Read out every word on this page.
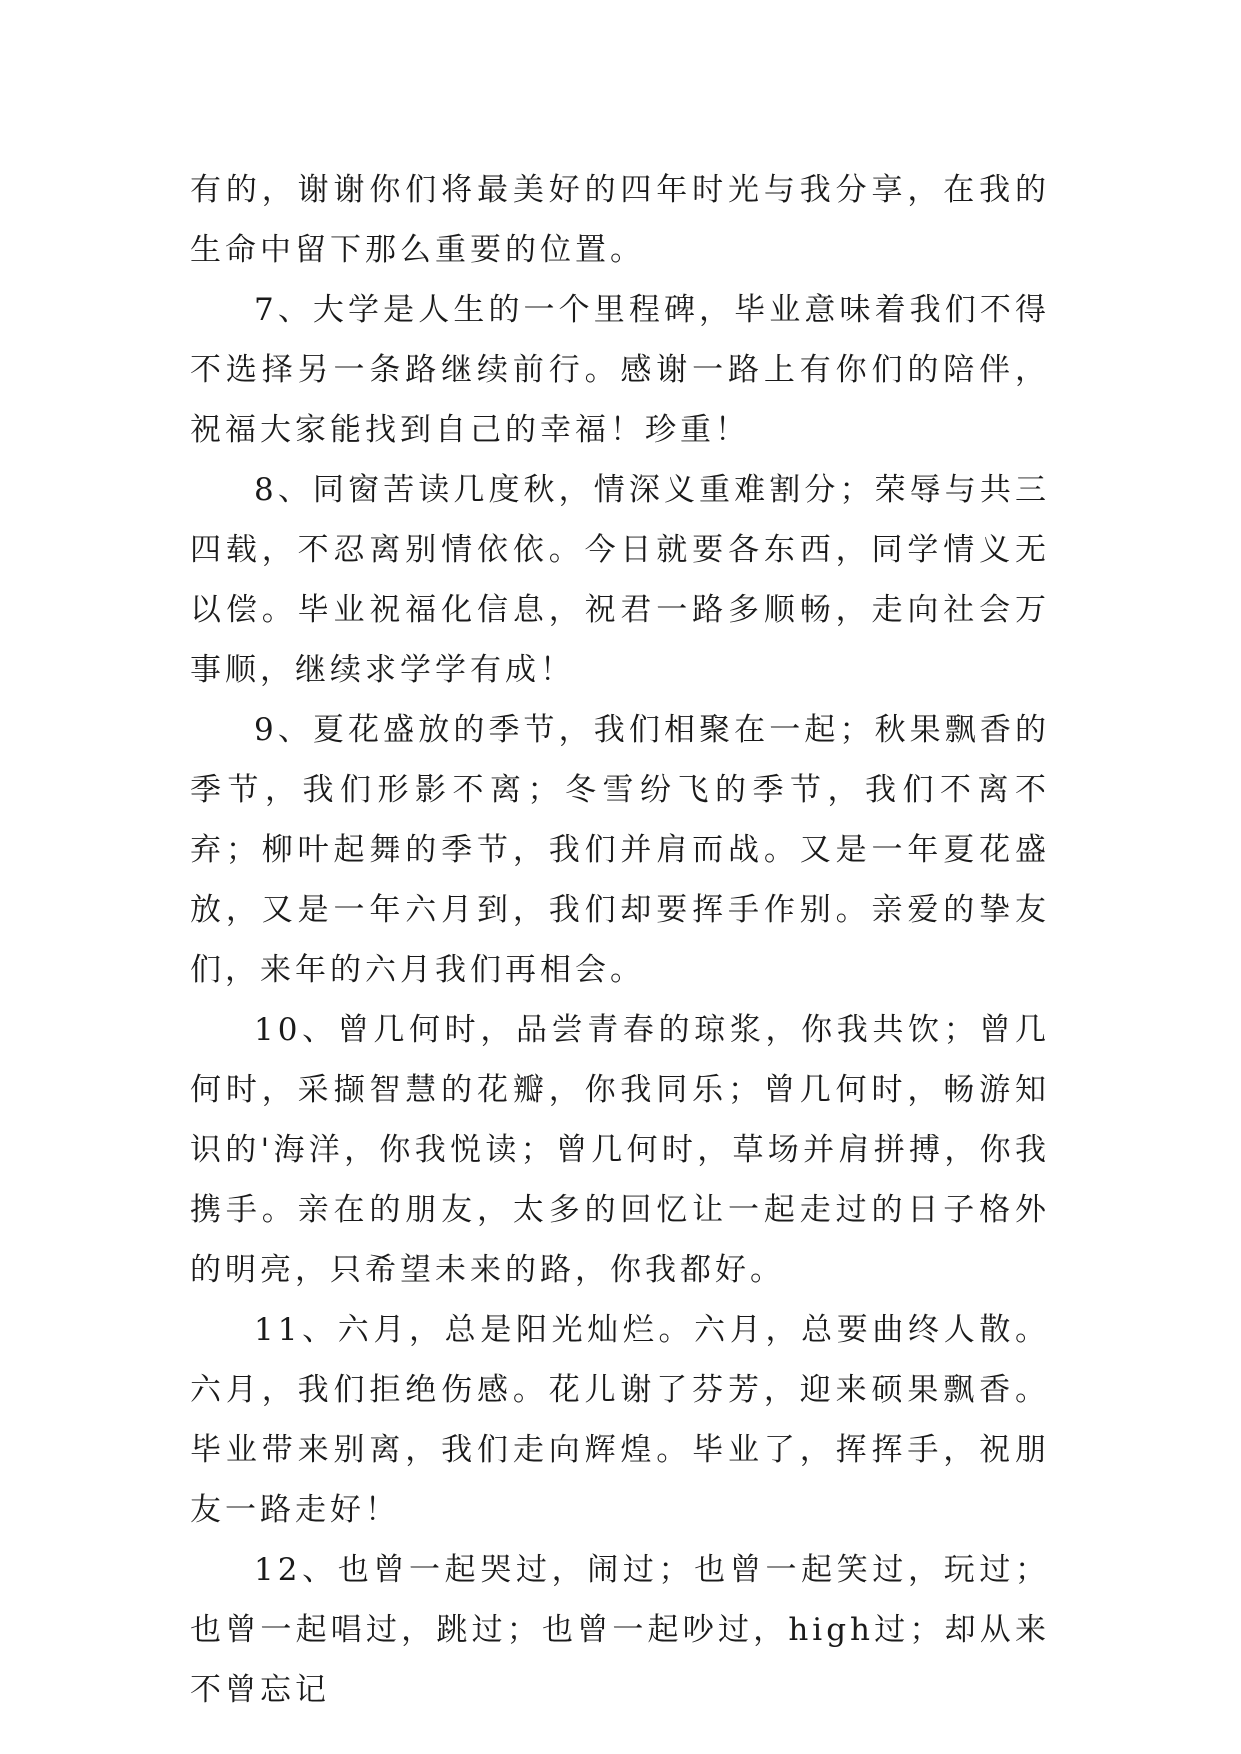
有的，谢谢你们将最美好的四年时光与我分享，在我的生命中留下那么重要的位置。

7、大学是人生的一个里程碑，毕业意味着我们不得不选择另一条路继续前行。感谢一路上有你们的陪伴，祝福大家能找到自己的幸福！珍重！

8、同窗苦读几度秋，情深义重难割分；荣辱与共三四载，不忍离别情依依。今日就要各东西，同学情义无以偿。毕业祝福化信息，祝君一路多顺畅，走向社会万事顺，继续求学学有成！

9、夏花盛放的季节，我们相聚在一起；秋果飘香的季节，我们形影不离；冬雪纷飞的季节，我们不离不弃；柳叶起舞的季节，我们并肩而战。又是一年夏花盛放，又是一年六月到，我们却要挥手作别。亲爱的挚友们，来年的六月我们再相会。

10、曾几何时，品尝青春的琼浆，你我共饮；曾几何时，采撷智慧的花瓣，你我同乐；曾几何时，畅游知识的'海洋，你我悦读；曾几何时，草场并肩拼搏，你我携手。亲在的朋友，太多的回忆让一起走过的日子格外的明亮，只希望未来的路，你我都好。

11、六月，总是阳光灿烂。六月，总要曲终人散。六月，我们拒绝伤感。花儿谢了芬芳，迎来硕果飘香。毕业带来别离，我们走向辉煌。毕业了，挥挥手，祝朋友一路走好！

12、也曾一起哭过，闹过；也曾一起笑过，玩过；也曾一起唱过，跳过；也曾一起吵过，high过；却从来不曾忘记
